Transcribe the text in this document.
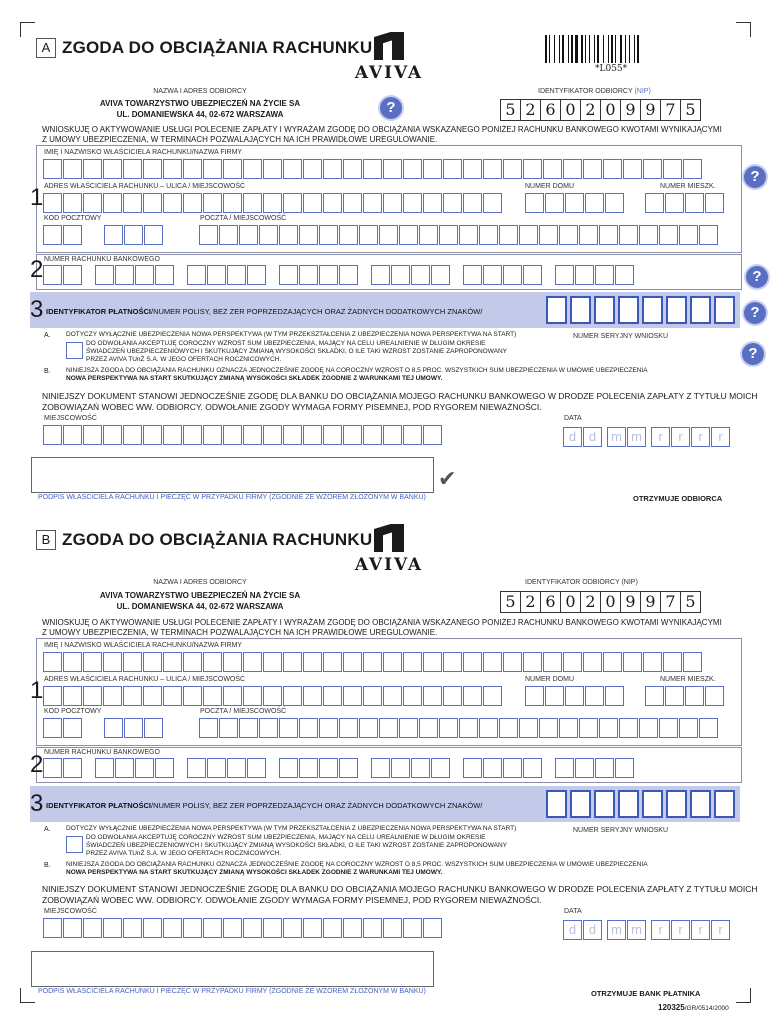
A ZGODA DO OBCIĄŻANIA RACHUNKU
AVIVA	*L055*
NAZWA I ADRES ODBIORCY
AVIVA TOWARZYSTWO UBEZPIECZEŃ NA ŻYCIE SA
UL. DOMANIEWSKA 44, 02-672 WARSZAWA	?
IDENTYFIKATOR ODBIORCY (NIP)
5 2 6 0 2 0 9 9 7 5
WNIOSKUJĘ O AKTYWOWANIE USŁUGI POLECENIE ZAPŁATY I WYRAŻAM ZGODĘ DO OBCIĄŻANIA WSKAZANEGO PONIŻEJ RACHUNKU BANKOWEGO KWOTAMI WYNIKAJĄCYMI
Z UMOWY UBEZPIECZENIA, W TERMINACH POZWALAJĄCYCH NA ICH PRAWIDŁOWE UREGULOWANIE.
1
IMIĘ I NAZWISKO WŁAŚCICIELA RACHUNKU/NAZWA FIRMY
ADRES WŁAŚCICIELA RACHUNKU – ULICA / MIEJSCOWOŚĆ	NUMER DOMU	NUMER MIESZK.
?
KOD POCZTOWY	POCZTA / MIEJSCOWOŚĆ
2 NUMER RACHUNKU BANKOWEGO
?
3 IDENTYFIKATOR PŁATNOŚCI/NUMER POLISY, BEZ ZER POPRZEDZAJĄCYCH ORAZ ŻADNYCH DODATKOWYCH ZNAKÓW/	?
A. DOTYCZY WYŁĄCZNIE UBEZPIECZENIA NOWA PERSPEKTYWA (W TYM PRZEKSZTAŁCENIA Z UBEZPIECZENIA NOWA PERSPEKTYWA NA START)
DO ODWOŁANIA AKCEPTUJĘ COROCZNY WZROST SUM UBEZPIECZENIA, MAJĄCY NA CELU UREALNIENIE W DŁUGIM OKRESIE
ŚWIADCZEŃ UBEZPIECZENIOWYCH I SKUTKUJĄCY ZMIANĄ WYSOKOŚCI SKŁADKI, O ILE TAKI WZROST ZOSTANIE ZAPROPONOWANY
PRZEZ AVIVA TUnŻ S.A. W JEGO OFERTACH ROCZNICOWYCH.
NUMER SERYJNY WNIOSKU
?
B. NINIEJSZA ZGODA DO OBCIĄŻANIA RACHUNKU OZNACZA JEDNOCZEŚNIE ZGODĘ NA COROCZNY WZROST O 8,5 PROC. WSZYSTKICH SUM UBEZPIECZENIA W UMOWIE UBEZPIECZENIA
NOWA PERSPEKTYWA NA START SKUTKUJĄCY ZMIANĄ WYSOKOŚCI SKŁADEK ZGODNIE Z WARUNKAMI TEJ UMOWY.
NINIEJSZY DOKUMENT STANOWI JEDNOCZEŚNIE ZGODĘ DLA BANKU DO OBCIĄŻANIA MOJEGO RACHUNKU BANKOWEGO W DRODZE POLECENIA ZAPŁATY Z TYTUŁU MOICH
ZOBOWIĄZAŃ WOBEC WW. ODBIORCY. ODWOŁANIE ZGODY WYMAGA FORMY PISEMNEJ, POD RYGOREM NIEWAŻNOŚCI.
MIEJSCOWOŚĆ	DATA
d d	m m	r	r	r	r
✔
PODPIS WŁAŚCICIELA RACHUNKU I PIECZĘĆ W PRZYPADKU FIRMY (ZGODNIE ZE WZOREM ZŁOŻONYM W BANKU)	OTRZYMUJE ODBIORCA
B ZGODA DO OBCIĄŻANIA RACHUNKU
AVIVA
NAZWA I ADRES ODBIORCY
AVIVA TOWARZYSTWO UBEZPIECZEŃ NA ŻYCIE SA
UL. DOMANIEWSKA 44, 02-672 WARSZAWA
IDENTYFIKATOR ODBIORCY (NIP)
5 2 6 0 2 0 9 9 7 5
WNIOSKUJĘ O AKTYWOWANIE USŁUGI POLECENIE ZAPŁATY I WYRAŻAM ZGODĘ DO OBCIĄŻANIA WSKAZANEGO PONIŻEJ RACHUNKU BANKOWEGO KWOTAMI WYNIKAJĄCYMI
Z UMOWY UBEZPIECZENIA, W TERMINACH POZWALAJĄCYCH NA ICH PRAWIDŁOWE UREGULOWANIE.
1
IMIĘ I NAZWISKO WŁAŚCICIELA RACHUNKU/NAZWA FIRMY
ADRES WŁAŚCICIELA RACHUNKU – ULICA / MIEJSCOWOŚĆ	NUMER DOMU	NUMER MIESZK.
KOD POCZTOWY	POCZTA / MIEJSCOWOŚĆ
2 NUMER RACHUNKU BANKOWEGO
3 IDENTYFIKATOR PŁATNOŚCI/NUMER POLISY, BEZ ZER POPRZEDZAJĄCYCH ORAZ ŻADNYCH DODATKOWYCH ZNAKÓW/
A. DOTYCZY WYŁĄCZNIE UBEZPIECZENIA NOWA PERSPEKTYWA (W TYM PRZEKSZTAŁCENIA Z UBEZPIECZENIA NOWA PERSPEKTYWA NA START)
DO ODWOŁANIA AKCEPTUJĘ COROCZNY WZROST SUM UBEZPIECZENIA, MAJĄCY NA CELU UREALNIENIE W DŁUGIM OKRESIE
ŚWIADCZEŃ UBEZPIECZENIOWYCH I SKUTKUJĄCY ZMIANĄ WYSOKOŚCI SKŁADKI, O ILE TAKI WZROST ZOSTANIE ZAPROPONOWANY
PRZEZ AVIVA TUnŻ S.A. W JEGO OFERTACH ROCZNICOWYCH.
NUMER SERYJNY WNIOSKU
B. NINIEJSZA ZGODA DO OBCIĄŻANIA RACHUNKU OZNACZA JEDNOCZEŚNIE ZGODĘ NA COROCZNY WZROST O 8,5 PROC. WSZYSTKICH SUM UBEZPIECZENIA W UMOWIE UBEZPIECZENIA
NOWA PERSPEKTYWA NA START SKUTKUJĄCY ZMIANĄ WYSOKOŚCI SKŁADEK ZGODNIE Z WARUNKAMI TEJ UMOWY.
NINIEJSZY DOKUMENT STANOWI JEDNOCZEŚNIE ZGODĘ DLA BANKU DO OBCIĄŻANIA MOJEGO RACHUNKU BANKOWEGO W DRODZE POLECENIA ZAPŁATY Z TYTUŁU MOICH
ZOBOWIĄZAŃ WOBEC WW. ODBIORCY. ODWOŁANIE ZGODY WYMAGA FORMY PISEMNEJ, POD RYGOREM NIEWAŻNOŚCI.
MIEJSCOWOŚĆ	DATA
d d	m m	r	r	r	r
PODPIS WŁAŚCICIELA RACHUNKU I PIECZĘĆ W PRZYPADKU FIRMY (ZGODNIE ZE WZOREM ZŁOŻONYM W BANKU)	OTRZYMUJE BANK PŁATNIKA
120325/GR/0514/2000
